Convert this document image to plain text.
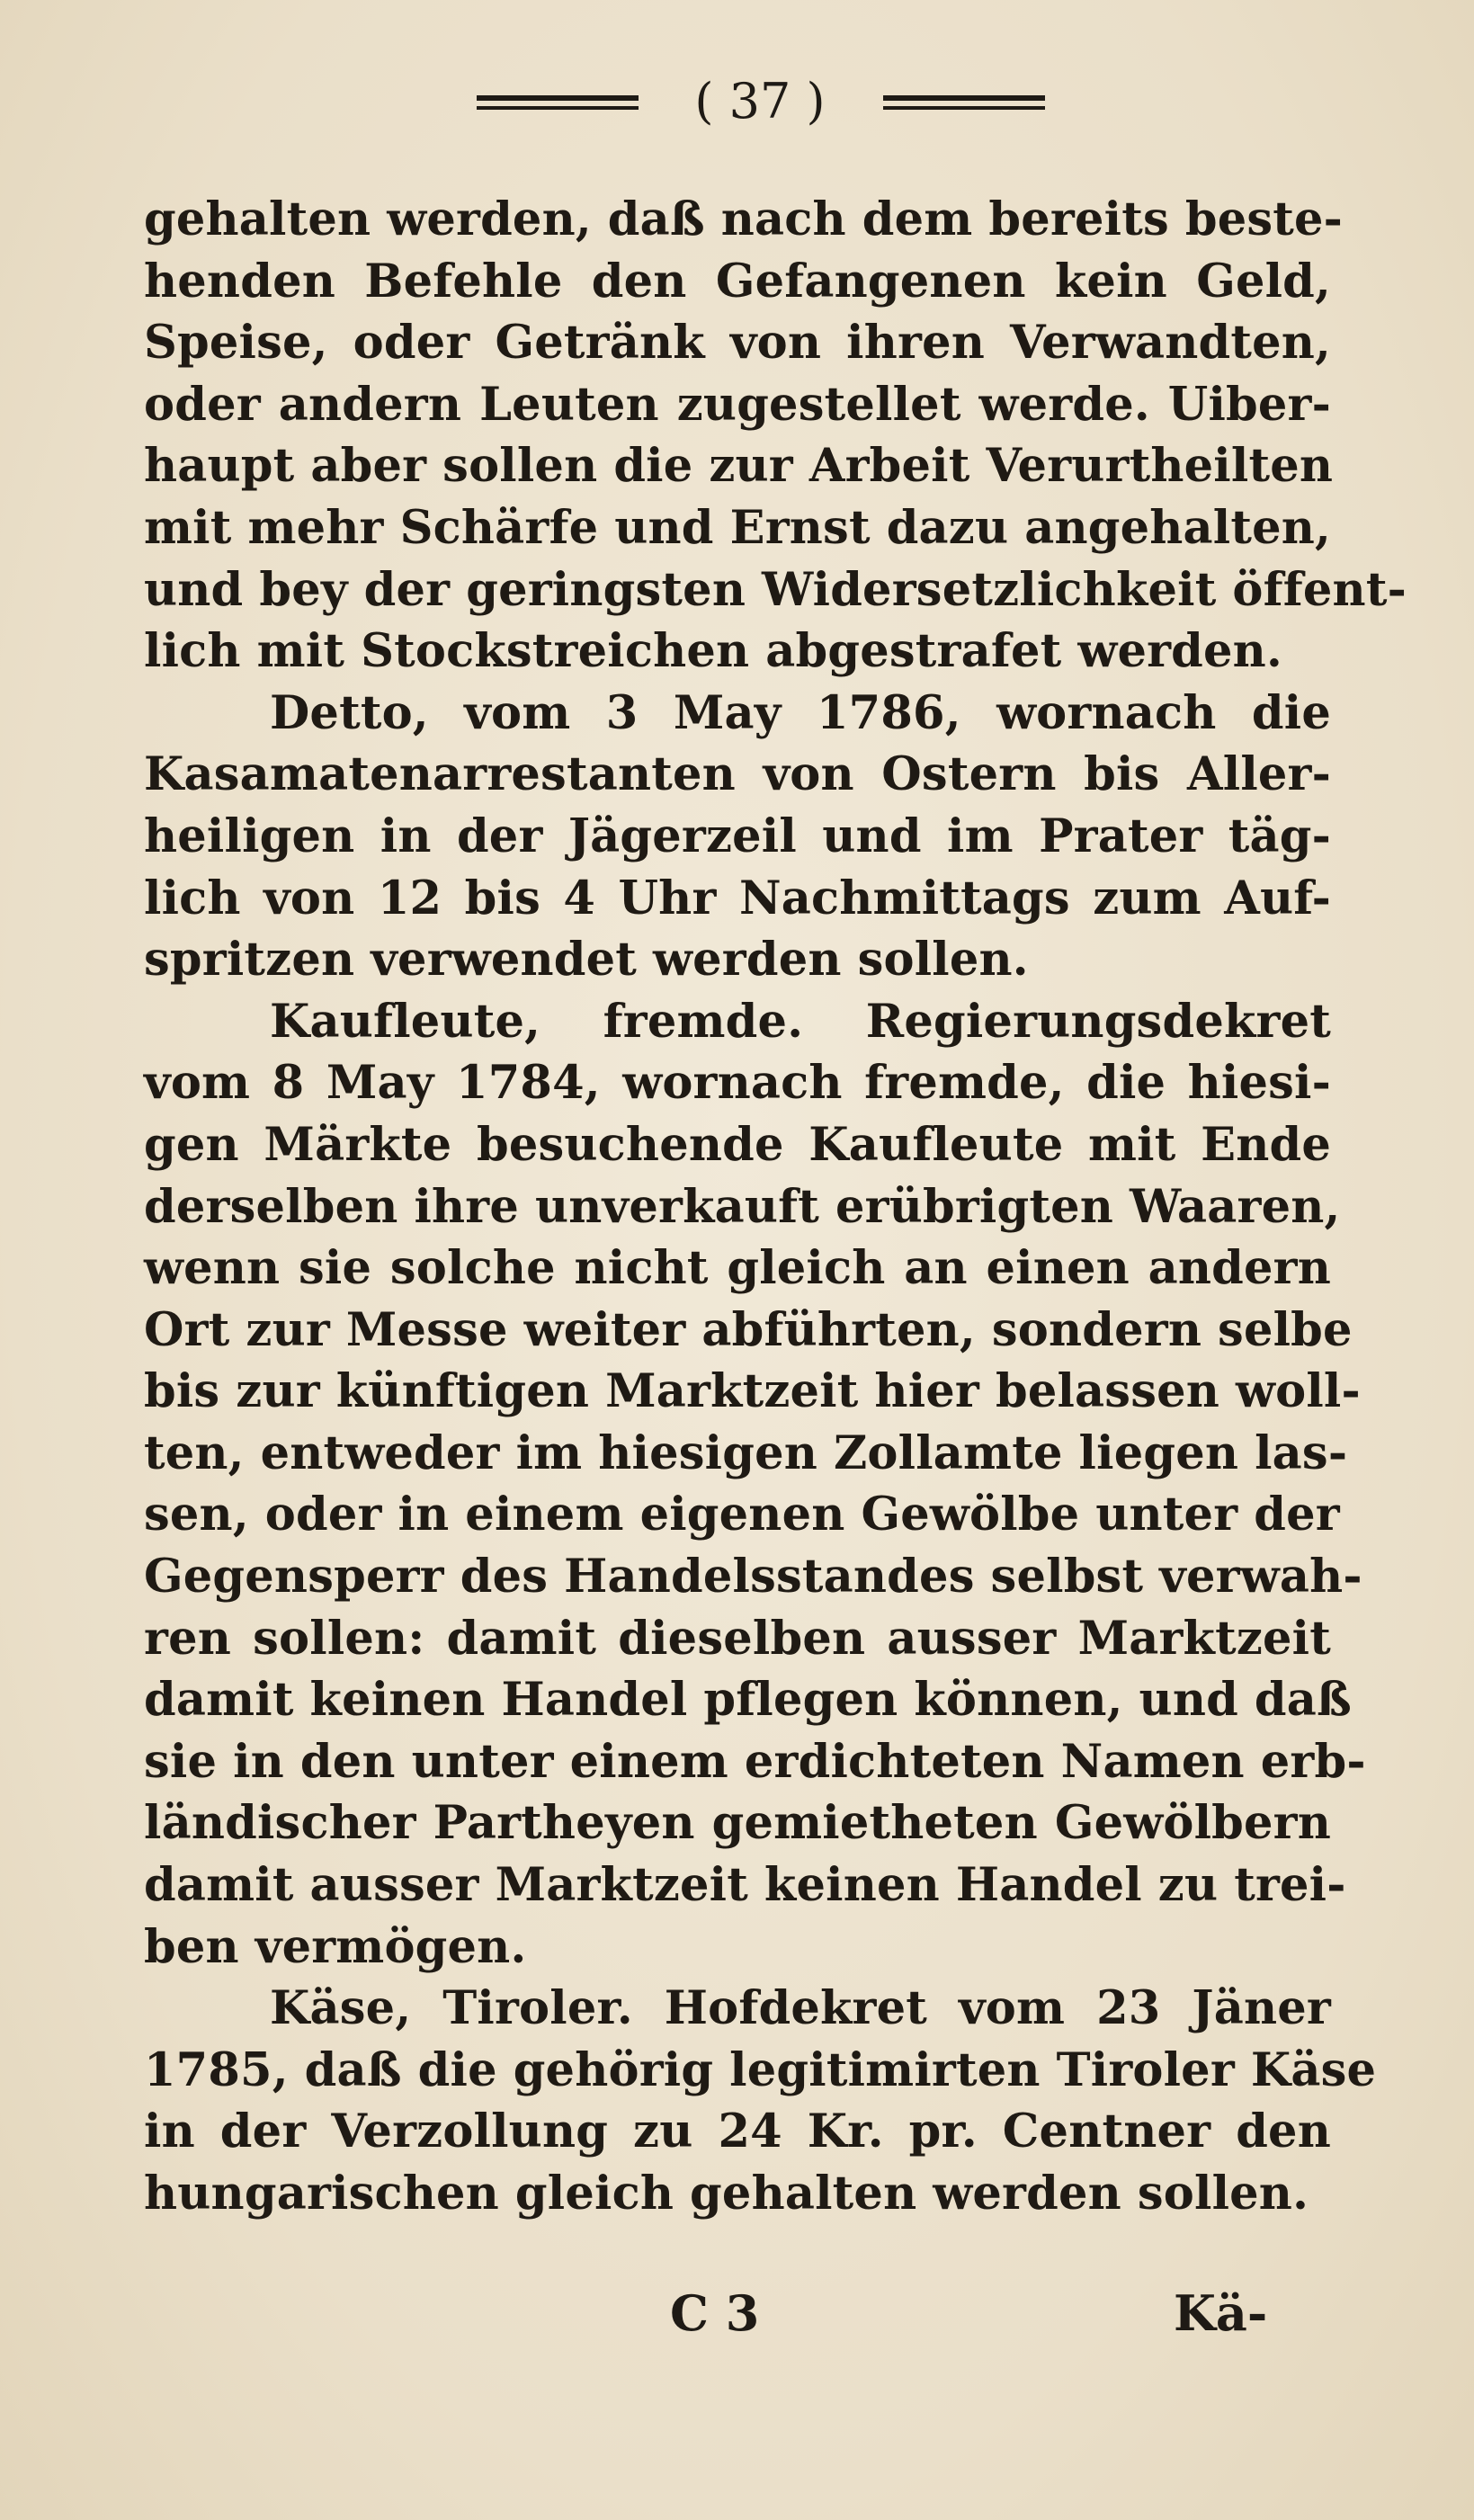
( 37 )
gehalten werden, daß nach dem bereits beste-
henden Befehle den Gefangenen kein Geld,
Speise, oder Getränk von ihren Verwandten,
oder andern Leuten zugestellet werde. Uiber-
haupt aber sollen die zur Arbeit Verurtheilten
mit mehr Schärfe und Ernst dazu angehalten,
und bey der geringsten Widersetzlichkeit öffent-
lich mit Stockstreichen abgestrafet werden.
Detto, vom 3 May 1786, wornach die
Kasamatenarrestanten von Ostern bis Aller-
heiligen in der Jägerzeil und im Prater täg-
lich von 12 bis 4 Uhr Nachmittags zum Auf-
spritzen verwendet werden sollen.
Kaufleute, fremde. Regierungsdekret
vom 8 May 1784, wornach fremde, die hiesi-
gen Märkte besuchende Kaufleute mit Ende
derselben ihre unverkauft erübrigten Waaren,
wenn sie solche nicht gleich an einen andern
Ort zur Messe weiter abführten, sondern selbe
bis zur künftigen Marktzeit hier belassen woll-
ten, entweder im hiesigen Zollamte liegen las-
sen, oder in einem eigenen Gewölbe unter der
Gegensperr des Handelsstandes selbst verwah-
ren sollen: damit dieselben ausser Marktzeit
damit keinen Handel pflegen können, und daß
sie in den unter einem erdichteten Namen erb-
ländischer Partheyen gemietheten Gewölbern
damit ausser Marktzeit keinen Handel zu trei-
ben vermögen.
Käse, Tiroler. Hofdekret vom 23 Jäner
1785, daß die gehörig legitimirten Tiroler Käse
in der Verzollung zu 24 Kr. pr. Centner den
hungarischen gleich gehalten werden sollen.
C 3	Kä-
